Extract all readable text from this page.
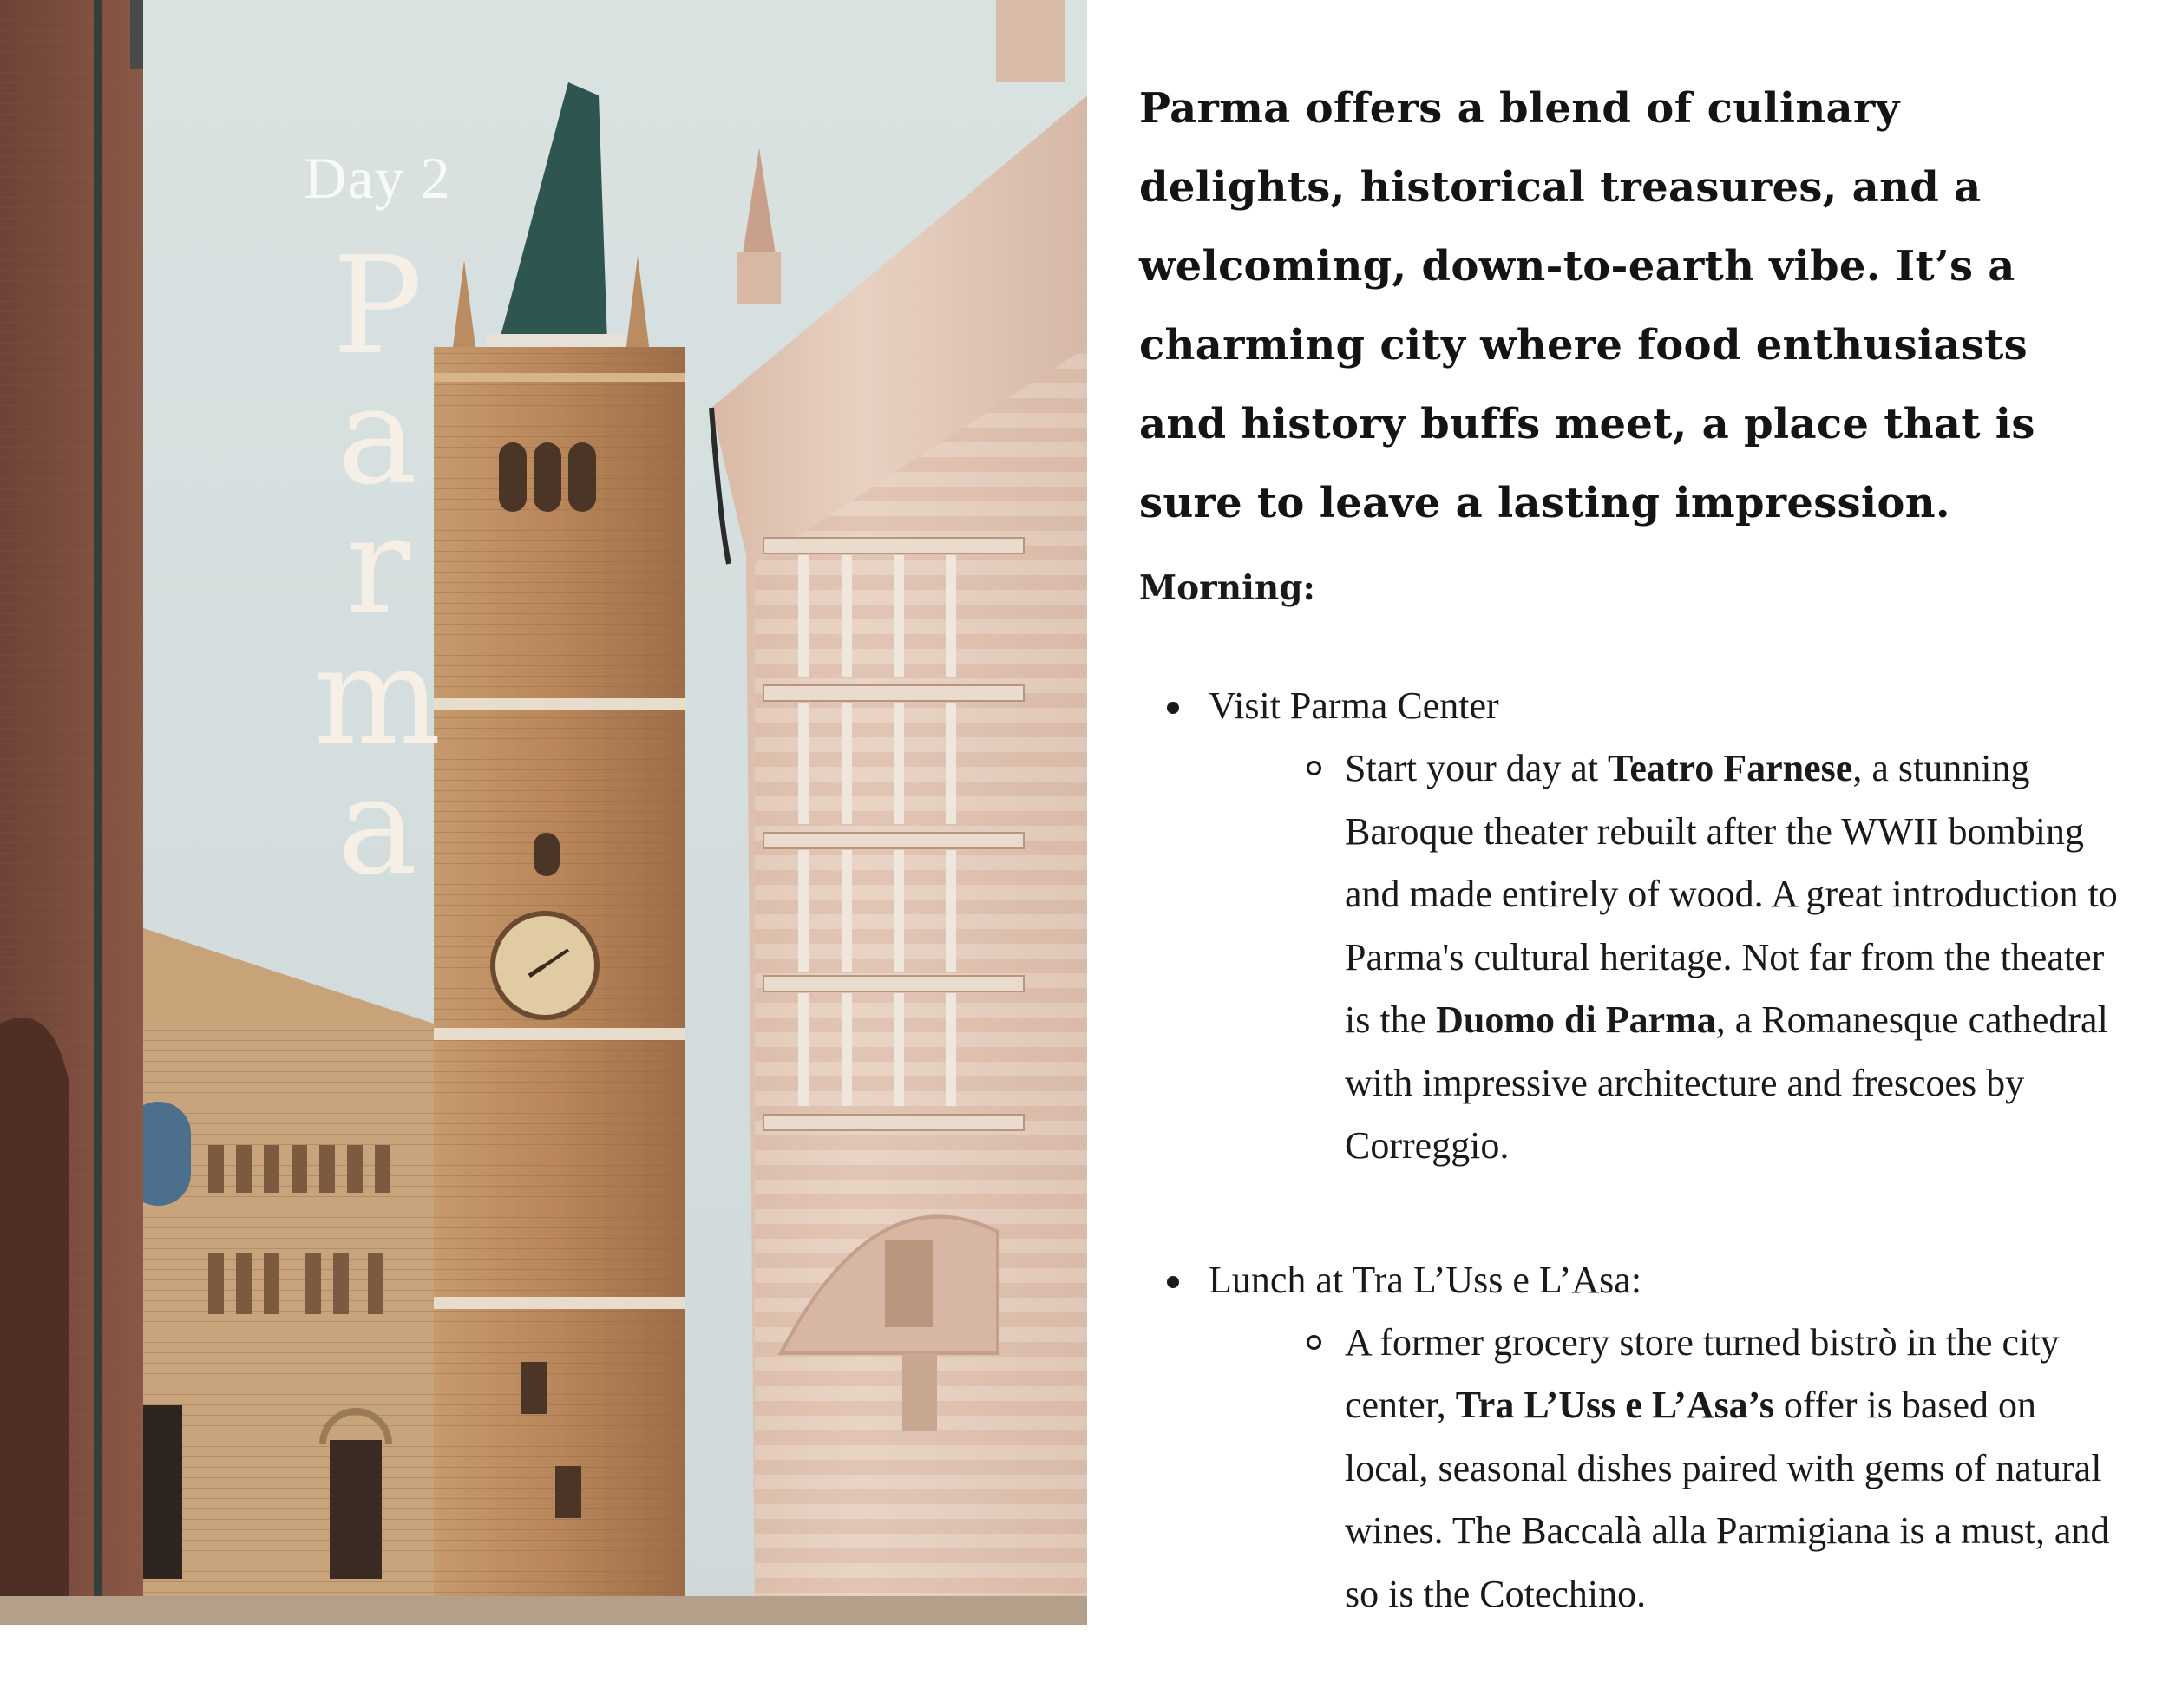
Day 2
P
a
r
m
a

Parma offers a blend of culinary delights, historical treasures, and a welcoming, down-to-earth vibe. It’s a charming city where food enthusiasts and history buffs meet, a place that is sure to leave a lasting impression.

Morning:
Visit Parma Center
Start your day at Teatro Farnese, a stunning Baroque theater rebuilt after the WWII bombing and made entirely of wood. A great introduction to Parma's cultural heritage. Not far from the theater is the Duomo di Parma, a Romanesque cathedral with impressive architecture and frescoes by Correggio.
Lunch at Tra L’Uss e L’Asa:
A former grocery store turned bistrò in the city center, Tra L’Uss e L’Asa’s offer is based on local, seasonal dishes paired with gems of natural wines. The Baccalà alla Parmigiana is a must, and so is the Cotechino.
